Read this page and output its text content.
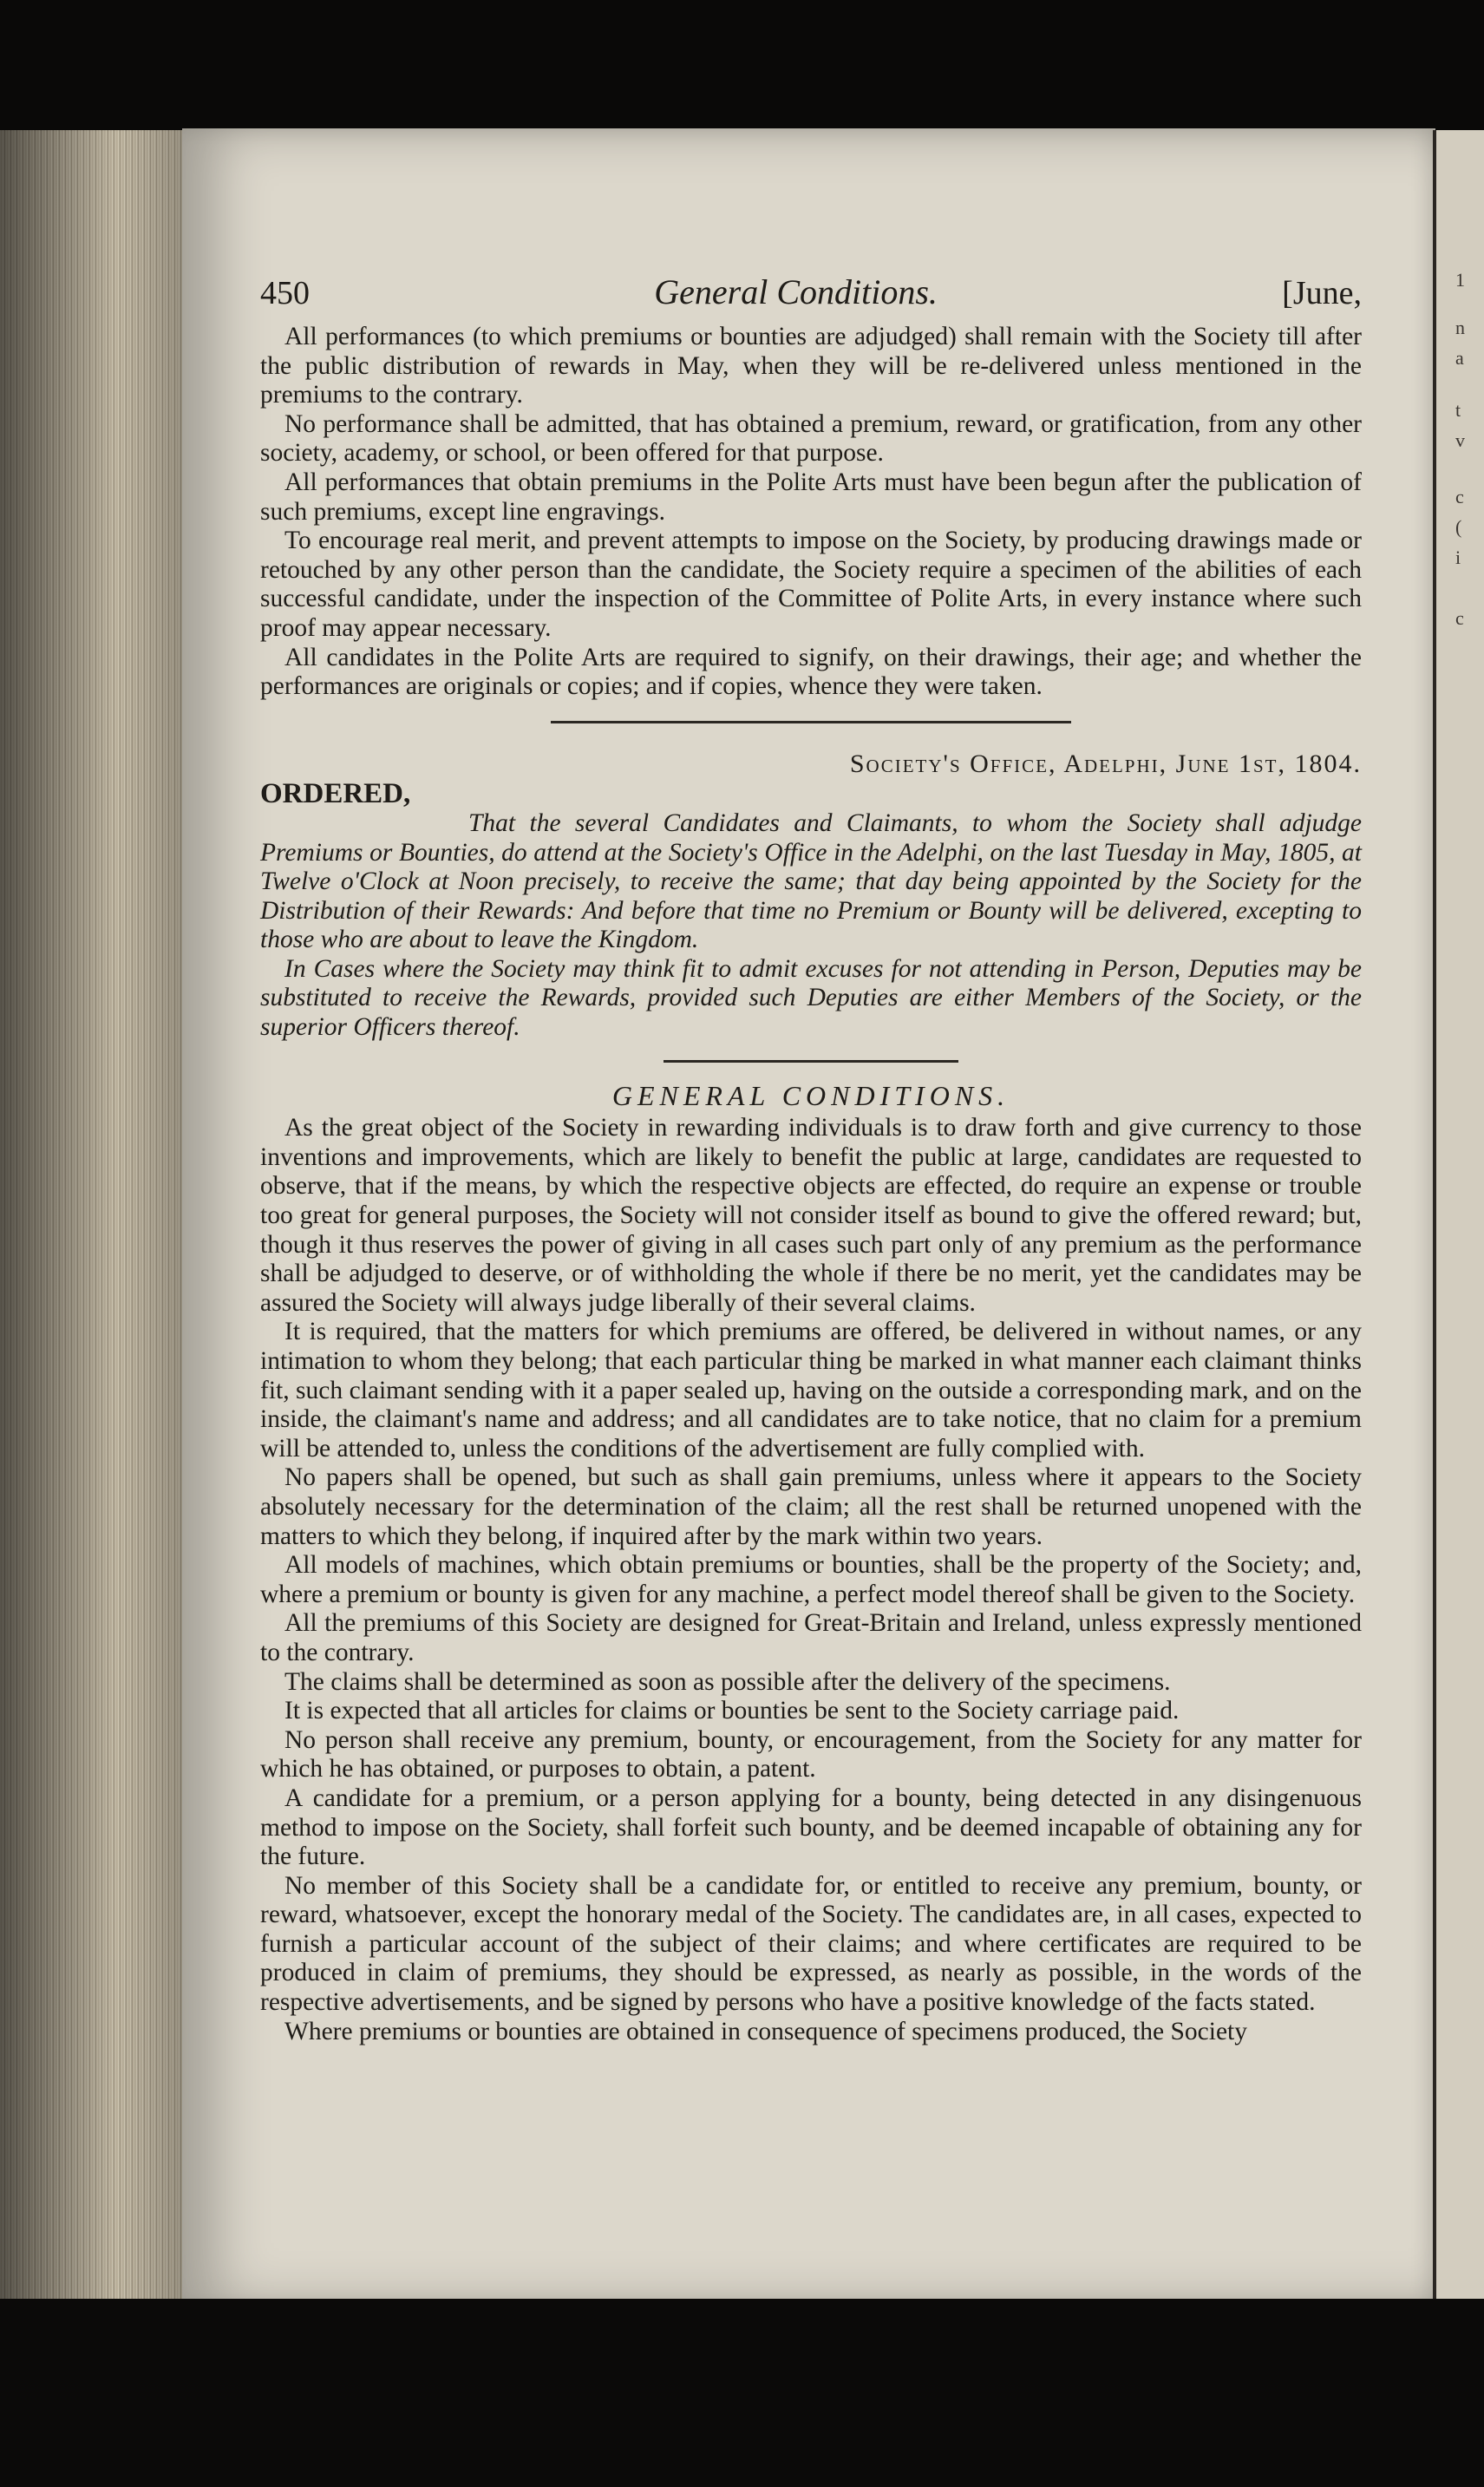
1
n
a
t
v
c
(
i
c
450	General Conditions.	[June,

All performances (to which premiums or bounties are adjudged) shall remain with the Society till after the public distribution of rewards in May, when they will be re-delivered unless mentioned in the premiums to the contrary.

No performance shall be admitted, that has obtained a premium, reward, or gratification, from any other society, academy, or school, or been offered for that purpose.

All performances that obtain premiums in the Polite Arts must have been begun after the publication of such premiums, except line engravings.

To encourage real merit, and prevent attempts to impose on the Society, by producing drawings made or retouched by any other person than the candidate, the Society require a specimen of the abilities of each successful candidate, under the inspection of the Committee of Polite Arts, in every instance where such proof may appear necessary.

All candidates in the Polite Arts are required to signify, on their drawings, their age; and whether the performances are originals or copies; and if copies, whence they were taken.

Society's Office, Adelphi, June 1st, 1804.
ORDERED,

That the several Candidates and Claimants, to whom the Society shall adjudge Premiums or Bounties, do attend at the Society's Office in the Adelphi, on the last Tuesday in May, 1805, at Twelve o'Clock at Noon precisely, to receive the same; that day being appointed by the Society for the Distribution of their Rewards: And before that time no Premium or Bounty will be delivered, excepting to those who are about to leave the Kingdom.

In Cases where the Society may think fit to admit excuses for not attending in Person, Deputies may be substituted to receive the Rewards, provided such Deputies are either Members of the Society, or the superior Officers thereof.

GENERAL CONDITIONS.

As the great object of the Society in rewarding individuals is to draw forth and give currency to those inventions and improvements, which are likely to benefit the public at large, candidates are requested to observe, that if the means, by which the respective objects are effected, do require an expense or trouble too great for general purposes, the Society will not consider itself as bound to give the offered reward; but, though it thus reserves the power of giving in all cases such part only of any premium as the performance shall be adjudged to deserve, or of withholding the whole if there be no merit, yet the candidates may be assured the Society will always judge liberally of their several claims.

It is required, that the matters for which premiums are offered, be delivered in without names, or any intimation to whom they belong; that each particular thing be marked in what manner each claimant thinks fit, such claimant sending with it a paper sealed up, having on the outside a corresponding mark, and on the inside, the claimant's name and address; and all candidates are to take notice, that no claim for a premium will be attended to, unless the conditions of the advertisement are fully complied with.

No papers shall be opened, but such as shall gain premiums, unless where it appears to the Society absolutely necessary for the determination of the claim; all the rest shall be returned unopened with the matters to which they belong, if inquired after by the mark within two years.

All models of machines, which obtain premiums or bounties, shall be the property of the Society; and, where a premium or bounty is given for any machine, a perfect model thereof shall be given to the Society.

All the premiums of this Society are designed for Great-Britain and Ireland, unless expressly mentioned to the contrary.

The claims shall be determined as soon as possible after the delivery of the specimens.

It is expected that all articles for claims or bounties be sent to the Society carriage paid.

No person shall receive any premium, bounty, or encouragement, from the Society for any matter for which he has obtained, or purposes to obtain, a patent.

A candidate for a premium, or a person applying for a bounty, being detected in any disingenuous method to impose on the Society, shall forfeit such bounty, and be deemed incapable of obtaining any for the future.

No member of this Society shall be a candidate for, or entitled to receive any premium, bounty, or reward, whatsoever, except the honorary medal of the Society. The candidates are, in all cases, expected to furnish a particular account of the subject of their claims; and where certificates are required to be produced in claim of premiums, they should be expressed, as nearly as possible, in the words of the respective advertisements, and be signed by persons who have a positive knowledge of the facts stated.

Where premiums or bounties are obtained in consequence of specimens produced, the Society
